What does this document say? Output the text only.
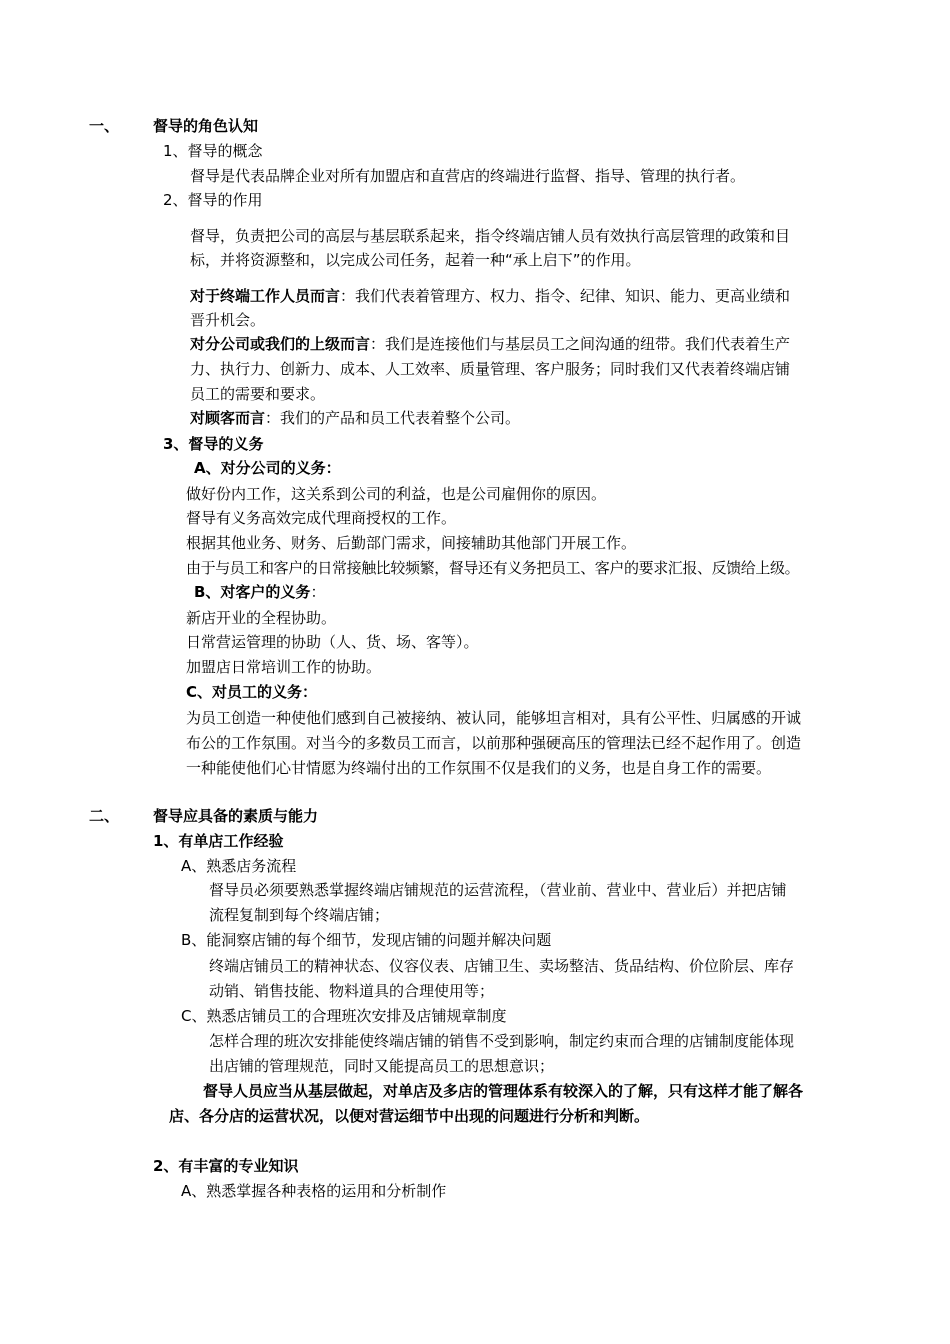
一、 督导的角色认知
1、督导的概念
督导是代表品牌企业对所有加盟店和直营店的终端进行监督、指导、管理的执行者。
2、督导的作用
督导，负责把公司的高层与基层联系起来，指令终端店铺人员有效执行高层管理的政策和目
标，并将资源整和，以完成公司任务，起着一种“承上启下”的作用。
对于终端工作人员而言：我们代表着管理方、权力、指令、纪律、知识、能力、更高业绩和
晋升机会。
对分公司或我们的上级而言：我们是连接他们与基层员工之间沟通的纽带。我们代表着生产
力、执行力、创新力、成本、人工效率、质量管理、客户服务；同时我们又代表着终端店铺
员工的需要和要求。
对顾客而言：我们的产品和员工代表着整个公司。
3、督导的义务
A、对分公司的义务：
做好份内工作，这关系到公司的利益，也是公司雇佣你的原因。
督导有义务高效完成代理商授权的工作。
根据其他业务、财务、后勤部门需求，间接辅助其他部门开展工作。
由于与员工和客户的日常接触比较频繁，督导还有义务把员工、客户的要求汇报、反馈给上级。
B、对客户的义务：
新店开业的全程协助。
日常营运管理的协助（人、货、场、客等）。
加盟店日常培训工作的协助。
C、对员工的义务：
为员工创造一种使他们感到自己被接纳、被认同，能够坦言相对，具有公平性、归属感的开诚
布公的工作氛围。对当今的多数员工而言，以前那种强硬高压的管理法已经不起作用了。创造
一种能使他们心甘情愿为终端付出的工作氛围不仅是我们的义务，也是自身工作的需要。
二、 督导应具备的素质与能力
1、有单店工作经验
A、熟悉店务流程
督导员必须要熟悉掌握终端店铺规范的运营流程，（营业前、营业中、营业后）并把店铺
流程复制到每个终端店铺；
B、能洞察店铺的每个细节，发现店铺的问题并解决问题
终端店铺员工的精神状态、仪容仪表、店铺卫生、卖场整洁、货品结构、价位阶层、库存
动销、销售技能、物料道具的合理使用等；
C、熟悉店铺员工的合理班次安排及店铺规章制度
怎样合理的班次安排能使终端店铺的销售不受到影响，制定约束而合理的店铺制度能体现
出店铺的管理规范，同时又能提高员工的思想意识；
督导人员应当从基层做起，对单店及多店的管理体系有较深入的了解，只有这样才能了解各
店、各分店的运营状况，以便对营运细节中出现的问题进行分析和判断。
2、有丰富的专业知识
A、熟悉掌握各种表格的运用和分析制作
